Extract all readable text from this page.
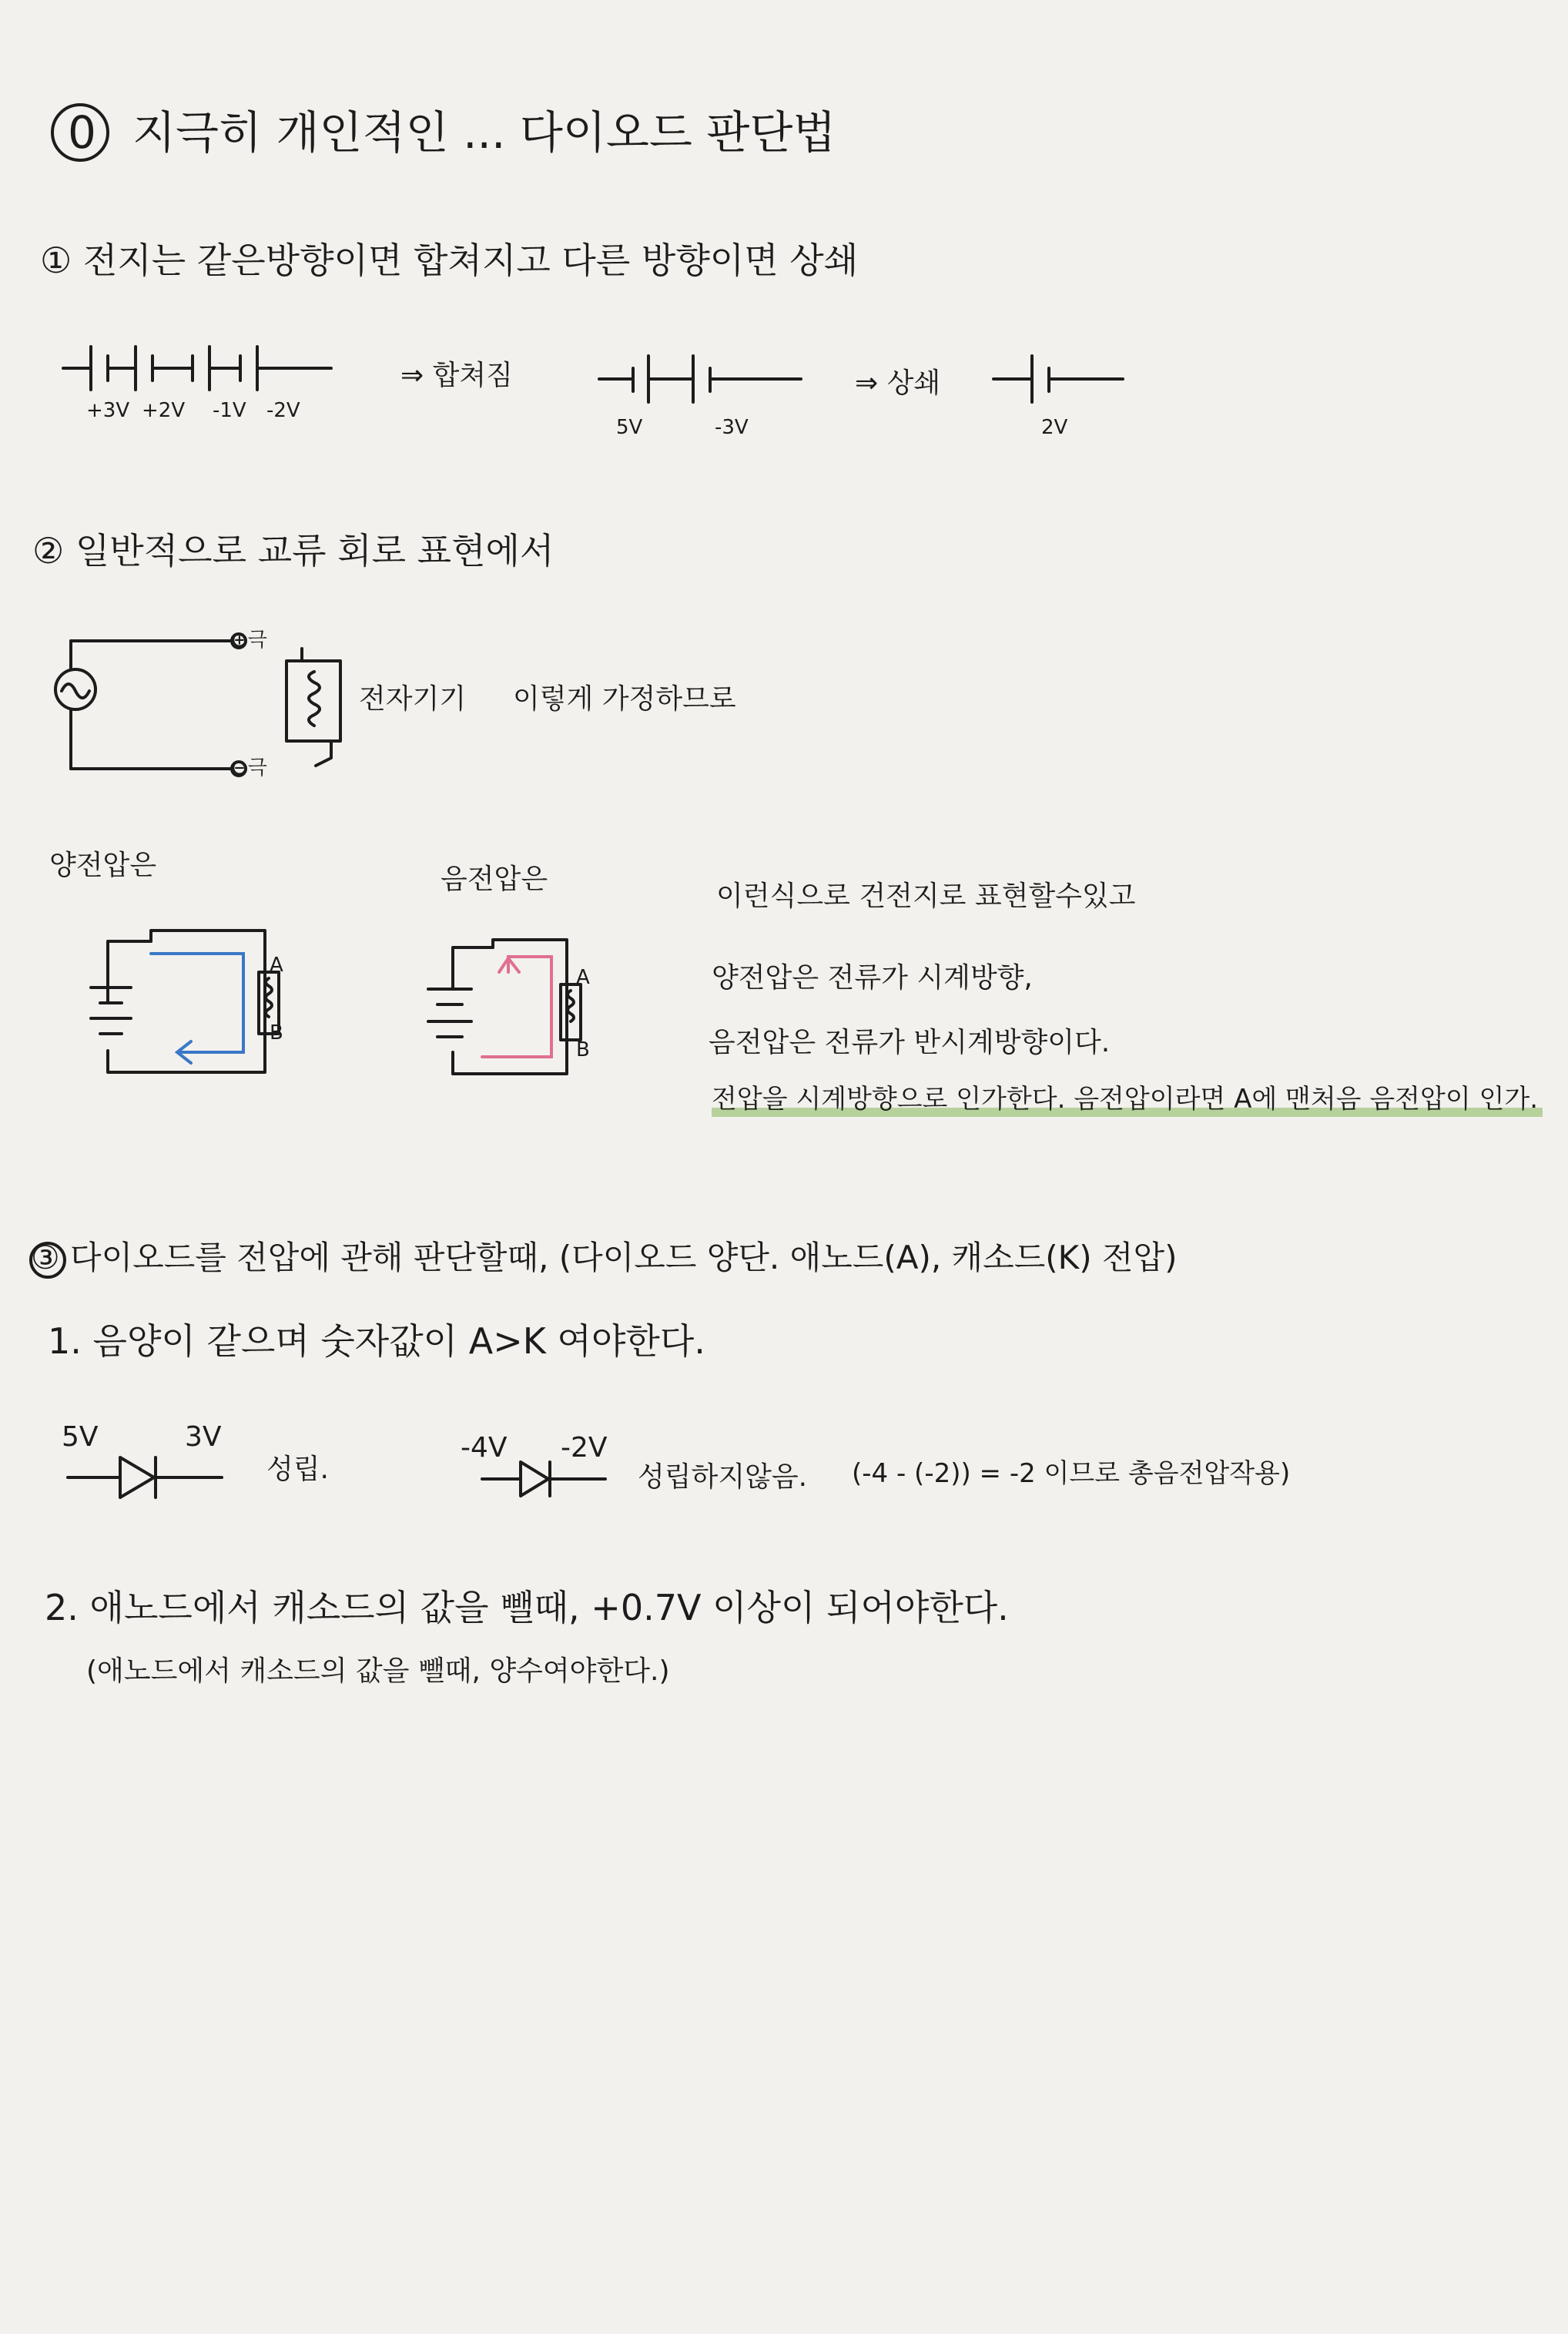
0 지극히 개인적인 ... 다이오드 판단법
① 전지는 같은방향이면 합쳐지고 다른 방향이면 상쇄
+3V +2V -1V -2V
⇒ 합쳐짐
5V	-3V
⇒ 상쇄
2V
② 일반적으로 교류 회로 표현에서
⊕극
⊖극
전자기기 이렇게 가정하므로
양전압은	음전압은
A
B
A
B
이런식으로 건전지로 표현할수있고
양전압은 전류가 시계방향,
음전압은 전류가 반시계방향이다.
전압을 시계방향으로 인가한다. 음전압이라면 A에 맨처음 음전압이 인가.
③ 다이오드를 전압에 관해 판단할때, (다이오드 양단. 애노드(A), 캐소드(K) 전압)
1. 음양이 같으며 숫자값이 A>K 여야한다.
5V	3V
성립.
-4V -2V
성립하지않음. (-4 - (-2)) = -2 이므로 총음전압작용)
2. 애노드에서 캐소드의 값을 뺄때, +0.7V 이상이 되어야한다.
(애노드에서 캐소드의 값을 뺄때, 양수여야한다.)
